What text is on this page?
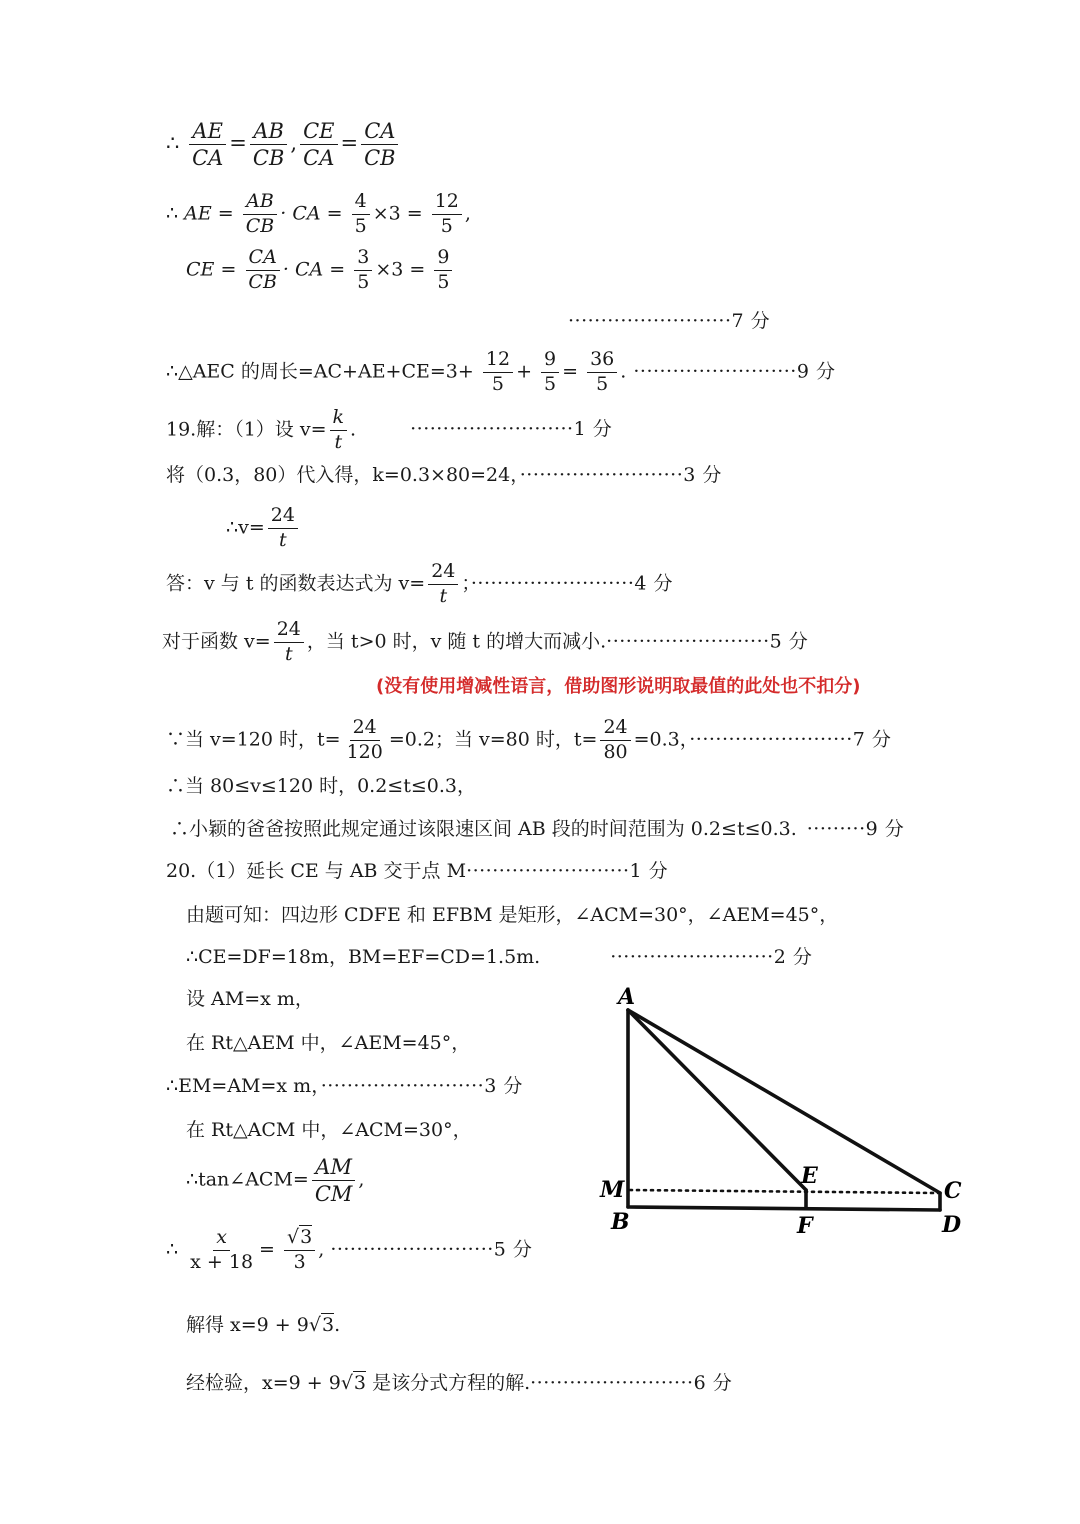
∴ $\frac{AE}{CA} = \frac{AB}{CB}$ , $\frac{CE}{CA} = \frac{CA}{CB}$
∴ AE = $\frac{AB}{CB}$ · CA = $\frac{4}{5} \times 3 = \frac{12}{5}$ ,
CE = $\frac{CA}{CB}$ · CA = $\frac{3}{5} \times 3 = \frac{9}{5}$
·························7 分
∴△AEC 的周长$=AC+AE+CE=3+ \frac{12}{5} + \frac{9}{5} = \frac{36}{5}$ . ·························9 分
19.解：（1）设 $v= \frac{k}{t}$ .	·························1 分
将（0.3，80）代入得，k=0.3×80=24，·························3 分
∴v= $\frac{24}{t}$
答：v 与 t 的函数表达式为 $v= \frac{24}{t}$ ；·························4 分
对于函数 $v= \frac{24}{t}$ ，当 t>0 时，v 随 t 的增大而减小.·························5 分
(没有使用增减性语言，借助图形说明取最值的此处也不扣分)
∵当 v=120 时，$t= \frac{24}{120} =0.2$；当 v=80 时，$t= \frac{24}{80} =0.3$，·························7 分
∴当 80≤v≤120 时，0.2≤t≤0.3，
∴小颖的爸爸按照此规定通过该限速区间 AB 段的时间范围为 0.2≤t≤0.3. ·········9 分
20.（1）延长 CE 与 AB 交于点 M·························1 分
由题可知：四边形 CDFE 和 EFBM 是矩形，∠ACM=30°，∠AEM=45°，
∴CE=DF=18m，BM=EF=CD=1.5m.	·························2 分
设 AM=x m，
在 Rt△AEM 中，∠AEM=45°，
∴EM=AM=x m，·························3 分
在 Rt△ACM 中，∠ACM=30°，
∴tan∠ACM= $\frac{AM}{CM}$ ,
∴ $\frac{x}{x + 18} = \frac{√3}{3}$ , ·························5 分
解得 x=9 + 9√3.
经检验，x=9 + 9√3 是该分式方程的解.·························6 分
A
M
B
E
F
C
D
